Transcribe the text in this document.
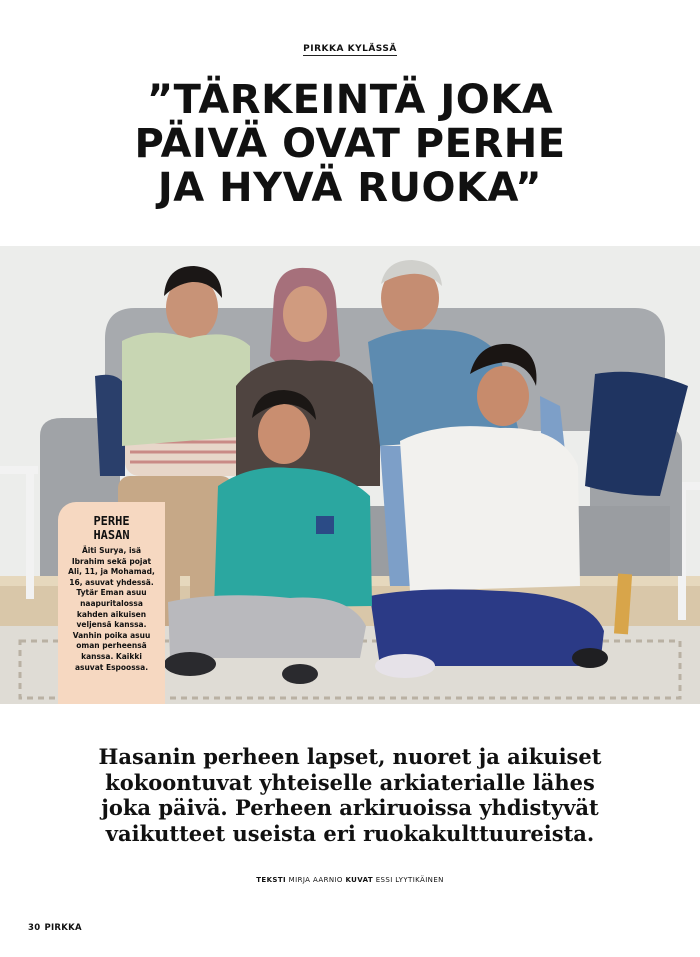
PIRKKA KYLÄSSÄ
”TÄRKEINTÄ JOKA
PÄIVÄ OVAT PERHE
JA HYVÄ RUOKA”
PERHE
HASAN
Äiti Surya, isä
Ibrahim sekä pojat
Ali, 11, ja Mohamad,
16, asuvat yhdessä.
Tytär Eman asuu
naapuritalossa
kahden aikuisen
veljensä kanssa.
Vanhin poika asuu
oman perheensä
kanssa. Kaikki
asuvat Espoossa.
Hasanin perheen lapset, nuoret ja aikuiset
kokoontuvat yhteiselle arkiaterialle lähes
joka päivä. Perheen arkiruoissa yhdistyvät
vaikutteet useista eri ruokakulttuureista.
TEKSTI MIRJA AARNIO KUVAT ESSI LYYTIKÄINEN
30 PIRKKA
